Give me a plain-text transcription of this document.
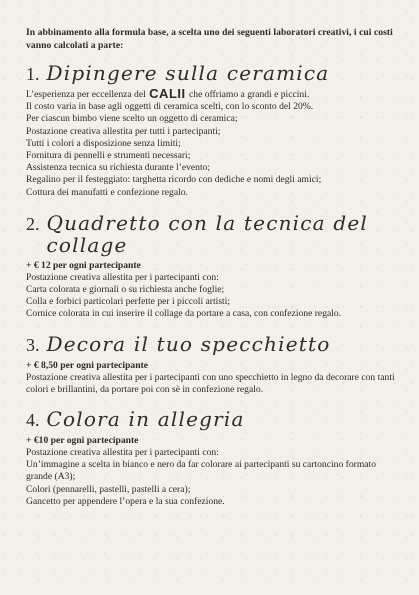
In abbinamento alla formula base, a scelta uno dei seguenti laboratori creativi, i cui costi vanno calcolati a parte:

1. Dipingere sulla ceramica

L’esperienza per eccellenza del CALII che offriamo a grandi e piccini.

Il costo varia in base agli oggetti di ceramica scelti, con lo sconto del 20%.

Per ciascun bimbo viene scelto un oggetto di ceramica;

Postazione creativa allestita per tutti i partecipanti;

Tutti i colori a disposizione senza limiti;

Fornitura di pennelli e strumenti necessari;

Assistenza tecnica su richiesta durante l’evento;

Regalino per il festeggiato: targhetta ricordo con dediche e nomi degli amici;

Cottura dei manufatti e confezione regalo.

2. Quadretto con la tecnica del collage

+ € 12 per ogni partecipante

Postazione creativa allestita per i partecipanti con:

Carta colorata e giornali o su richiesta anche foglie;

Colla e forbici particolari perfette per i piccoli artisti;

Cornice colorata in cui inserire il collage da portare a casa, con confezione regalo.

3. Decora il tuo specchietto

+ € 8,50 per ogni partecipante

Postazione creativa allestita per i partecipanti con uno specchietto in legno da decorare con tanti colori e brillantini, da portare poi con sè in confezione regalo.

4. Colora in allegria

+ €10 per ogni partecipante

Postazione creativa allestita per i partecipanti con:

Un’immagine a scelta in bianco e nero da far colorare ai partecipanti su cartoncino formato grande (A3);

Colori (pennarelli, pastelli, pastelli a cera);

Gancetto per appendere l’opera e la sua confezione.
